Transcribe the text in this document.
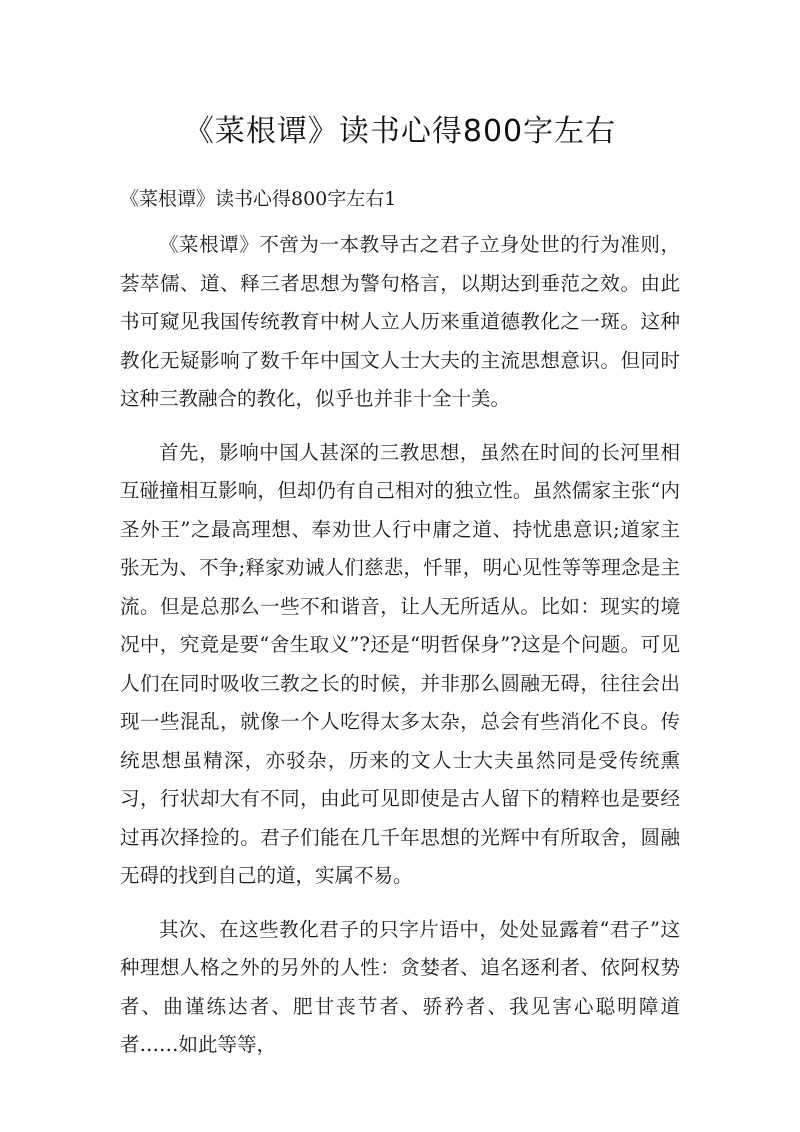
《菜根谭》读书心得800字左右

《菜根谭》读书心得800字左右1

《菜根谭》不啻为一本教导古之君子立身处世的行为准则，荟萃儒、道、释三者思想为警句格言，以期达到垂范之效。由此书可窥见我国传统教育中树人立人历来重道德教化之一斑。这种教化无疑影响了数千年中国文人士大夫的主流思想意识。但同时这种三教融合的教化，似乎也并非十全十美。

首先，影响中国人甚深的三教思想，虽然在时间的长河里相互碰撞相互影响，但却仍有自己相对的独立性。虽然儒家主张“内圣外王”之最高理想、奉劝世人行中庸之道、持忧患意识;道家主张无为、不争;释家劝诫人们慈悲，忏罪，明心见性等等理念是主流。但是总那么一些不和谐音，让人无所适从。比如：现实的境况中，究竟是要“舍生取义”?还是“明哲保身”?这是个问题。可见人们在同时吸收三教之长的时候，并非那么圆融无碍，往往会出现一些混乱，就像一个人吃得太多太杂，总会有些消化不良。传统思想虽精深，亦驳杂，历来的文人士大夫虽然同是受传统熏习，行状却大有不同，由此可见即使是古人留下的精粹也是要经过再次择捡的。君子们能在几千年思想的光辉中有所取舍，圆融无碍的找到自己的道，实属不易。

其次、在这些教化君子的只字片语中，处处显露着“君子”这种理想人格之外的另外的人性：贪婪者、追名逐利者、依阿权势者、曲谨练达者、肥甘丧节者、骄矜者、我见害心聪明障道者……如此等等，
